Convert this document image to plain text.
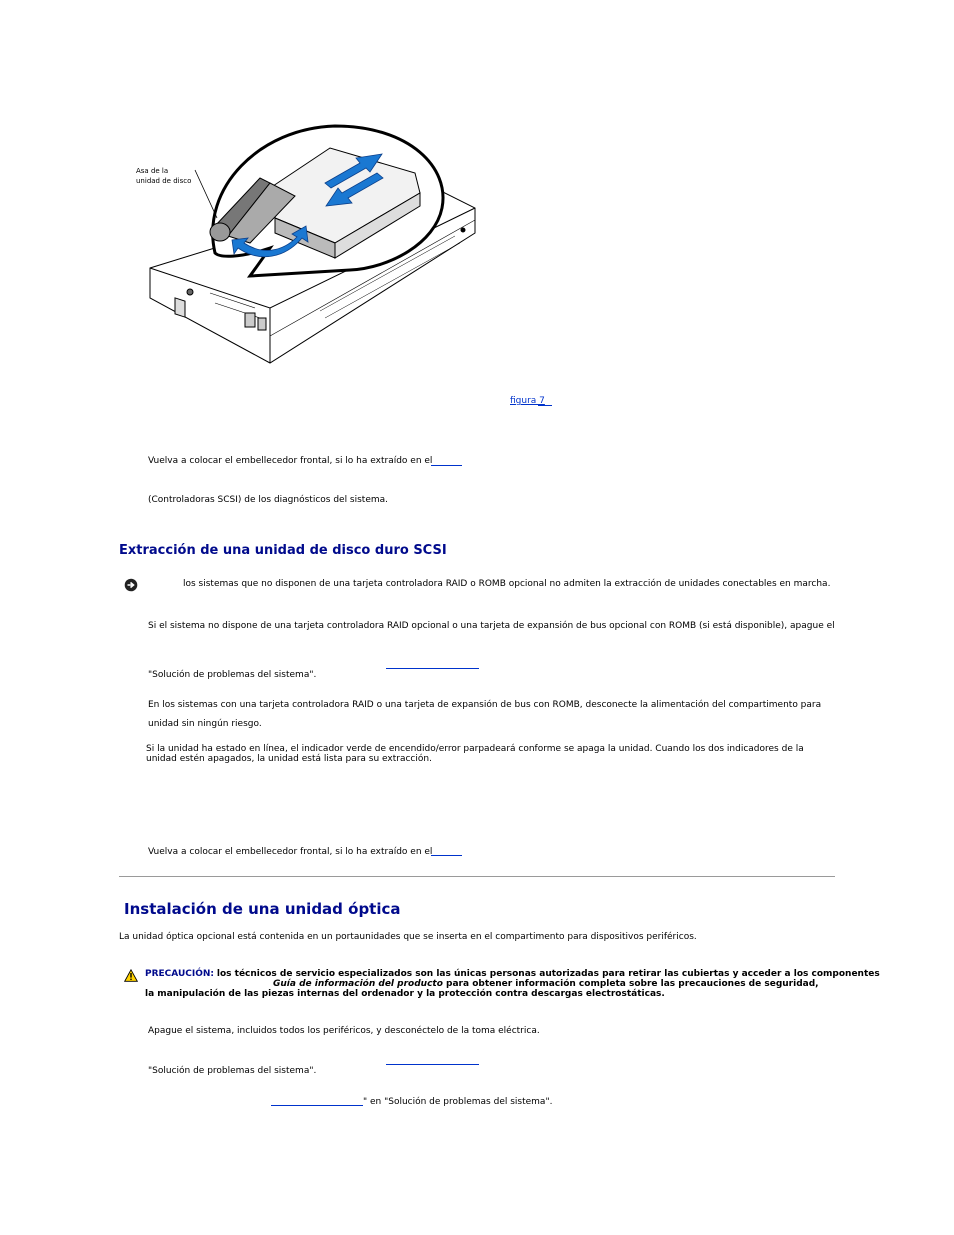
Asa de la
unidad de disco
figura 7
Vuelva a colocar el embellecedor frontal, si lo ha extraído en el
(Controladoras SCSI) de los diagnósticos del sistema.
Extracción de una unidad de disco duro SCSI
los sistemas que no disponen de una tarjeta controladora RAID o ROMB opcional no admiten la extracción de unidades conectables en marcha.
Si el sistema no dispone de una tarjeta controladora RAID opcional o una tarjeta de expansión de bus opcional con ROMB (si está disponible), apague el
"Solución de problemas del sistema".
En los sistemas con una tarjeta controladora RAID o una tarjeta de expansión de bus con ROMB, desconecte la alimentación del compartimento para
unidad sin ningún riesgo.
Si la unidad ha estado en línea, el indicador verde de encendido/error parpadeará conforme se apaga la unidad. Cuando los dos indicadores de la
unidad estén apagados, la unidad está lista para su extracción.
Vuelva a colocar el embellecedor frontal, si lo ha extraído en el
Instalación de una unidad óptica
La unidad óptica opcional está contenida en un portaunidades que se inserta en el compartimento para dispositivos periféricos.
PRECAUCIÓN: los técnicos de servicio especializados son las únicas personas autorizadas para retirar las cubiertas y acceder a los componentes
Guía de información del producto para obtener información completa sobre las precauciones de seguridad,
la manipulación de las piezas internas del ordenador y la protección contra descargas electrostáticas.
Apague el sistema, incluidos todos los periféricos, y desconéctelo de la toma eléctrica.
"Solución de problemas del sistema".
" en "Solución de problemas del sistema".
